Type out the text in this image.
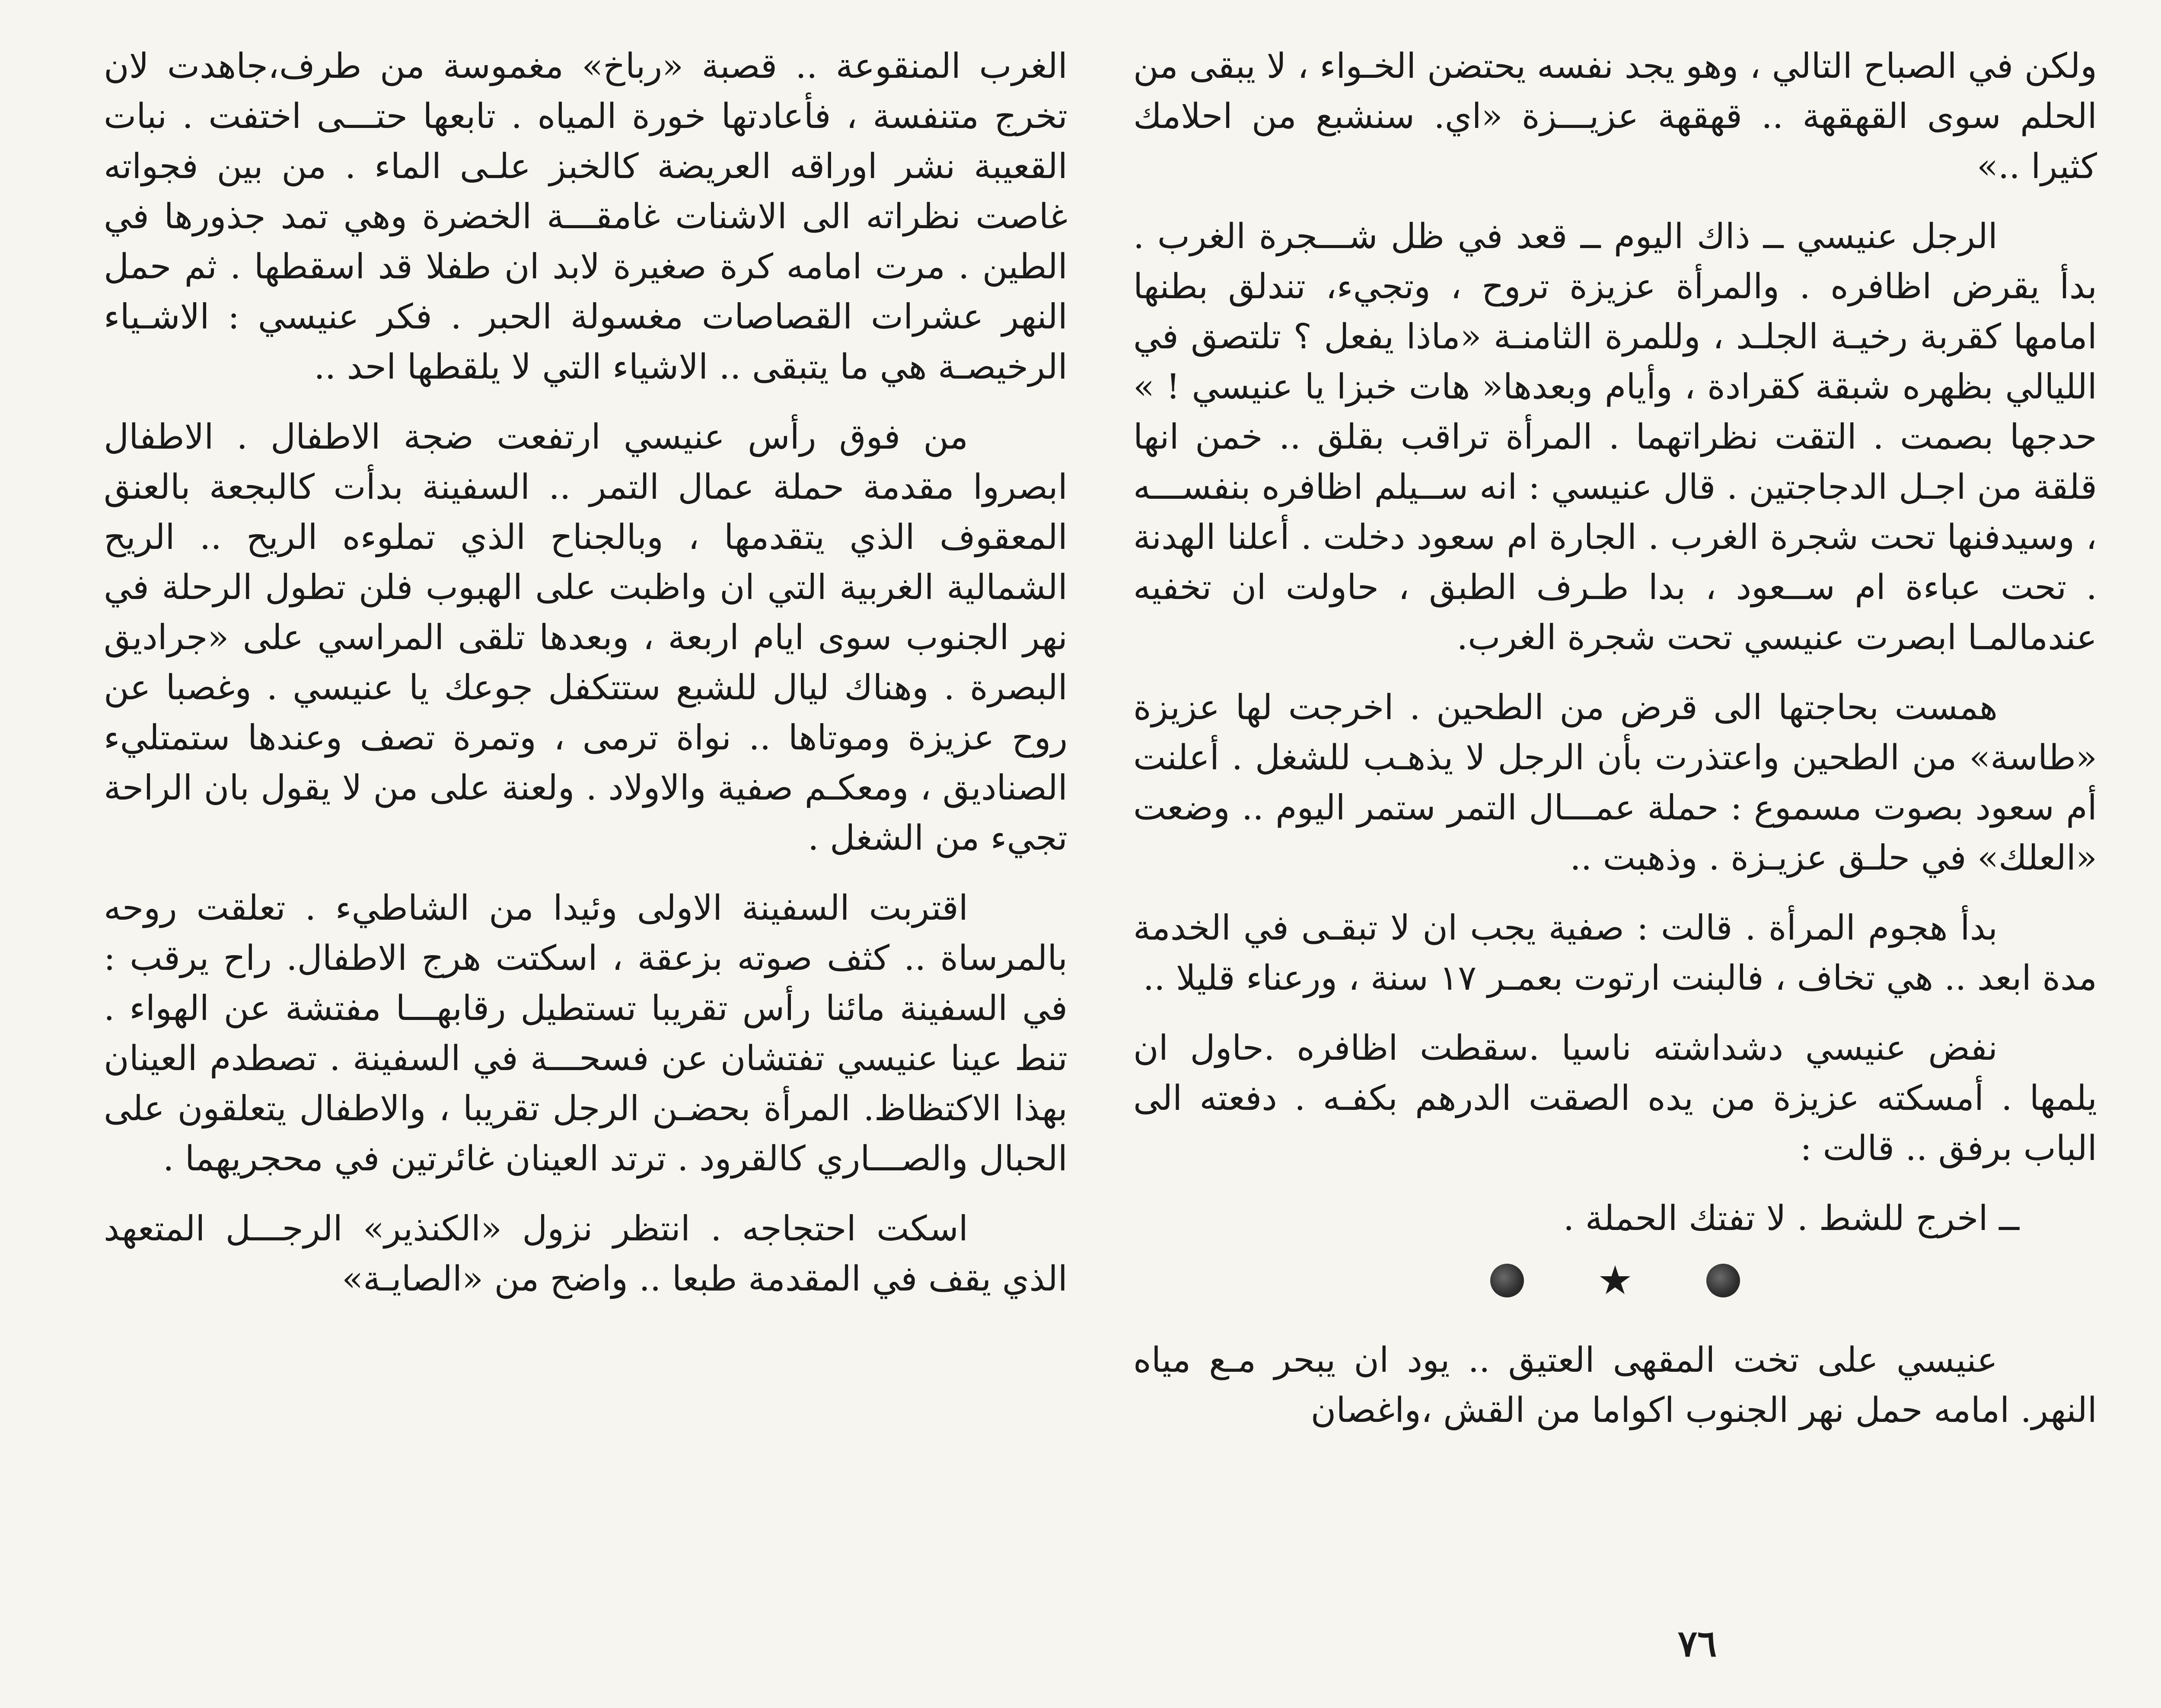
ولكن في الصباح التالي ، وهو يجد نفسه يحتضن الخـواء ، لا يبقى من الحلم سوى القهقهة .. قهقهة عزيـــزة «اي. سنشبع من احلامك كثيرا ..»

الرجل عنيسي ــ ذاك اليوم ــ قعد في ظل شـــجرة الغرب . بدأ يقرض اظافره . والمرأة عزيزة تروح ، وتجيء، تندلق بطنها امامها كقربة رخيـة الجلـد ، وللمرة الثامنـة «ماذا يفعل ؟ تلتصق في الليالي بظهره شبقة كقرادة ، وأيام وبعدها« هات خبزا يا عنيسي ! » حدجها بصمت . التقت نظراتهما . المرأة تراقب بقلق .. خمن انها قلقة من اجـل الدجاجتين . قال عنيسي : انه ســيلم اظافره بنفســـه ، وسيدفنها تحت شجرة الغرب . الجارة ام سعود دخلت . أعلنا الهدنة . تحت عباءة ام ســعود ، بدا طـرف الطبق ، حاولت ان تخفيه عندمالمـا ابصرت عنيسي تحت شجرة الغرب.

همست بحاجتها الى قرض من الطحين . اخرجت لها عزيزة «طاسة» من الطحين واعتذرت بأن الرجل لا يذهـب للشغل . أعلنت أم سعود بصوت مسموع : حملة عمـــال التمر ستمر اليوم .. وضعت «العلك» في حلـق عزيـزة . وذهبت ..

بدأ هجوم المرأة . قالت : صفية يجب ان لا تبقـى في الخدمة مدة ابعد .. هي تخاف ، فالبنت ارتوت بعمـر ١٧ سنة ، ورعناء قليلا ..

نفض عنيسي دشداشته ناسيا .سقطت اظافره .حاول ان يلمها . أمسكته عزيزة من يده الصقت الدرهم بكفـه . دفعته الى الباب برفق .. قالت :

ــ اخرج للشط . لا تفتك الحملة .

★

عنيسي على تخت المقهى العتيق .. يود ان يبحر مـع مياه النهر. امامه حمل نهر الجنوب اكواما من القش ،واغصان

الغرب المنقوعة .. قصبة «رباخ» مغموسة من طرف،جاهدت لان تخرج متنفسة ، فأعادتها خورة المياه . تابعها حتـــى اختفت . نبات القعيبة نشر اوراقه العريضة كالخبز علـى الماء . من بين فجواته غاصت نظراته الى الاشنات غامقـــة الخضرة وهي تمد جذورها في الطين . مرت امامه كرة صغيرة لابد ان طفلا قد اسقطها . ثم حمل النهر عشرات القصاصات مغسولة الحبر . فكر عنيسي : الاشـياء الرخيصـة هي ما يتبقى .. الاشياء التي لا يلقطها احد ..

من فوق رأس عنيسي ارتفعت ضجة الاطفال . الاطفال ابصروا مقدمة حملة عمال التمر .. السفينة بدأت كالبجعة بالعنق المعقوف الذي يتقدمها ، وبالجناح الذي تملوءه الريح .. الريح الشمالية الغربية التي ان واظبت على الهبوب فلن تطول الرحلة في نهر الجنوب سوى ايام اربعة ، وبعدها تلقى المراسي على «جراديق البصرة . وهناك ليال للشبع ستتكفل جوعك يا عنيسي . وغصبا عن روح عزيزة وموتاها .. نواة ترمى ، وتمرة تصف وعندها ستمتليء الصناديق ، ومعكـم صفية والاولاد . ولعنة على من لا يقول بان الراحة تجيء من الشغل .

اقتربت السفينة الاولى وئيدا من الشاطيء . تعلقت روحه بالمرساة .. كثف صوته بزعقة ، اسكتت هرج الاطفال. راح يرقب : في السفينة مائنا رأس تقريبا تستطيل رقابهـــا مفتشة عن الهواء . تنط عينا عنيسي تفتشان عن فسحـــة في السفينة . تصطدم العينان بهذا الاكتظاظ. المرأة بحضـن الرجل تقريبا ، والاطفال يتعلقون على الحبال والصـــاري كالقرود . ترتد العينان غائرتين في محجريهما .

اسكت احتجاجه . انتظر نزول «الكنذير» الرجـــل المتعهد الذي يقف في المقدمة طبعا .. واضح من «الصايـة»

٧٦
